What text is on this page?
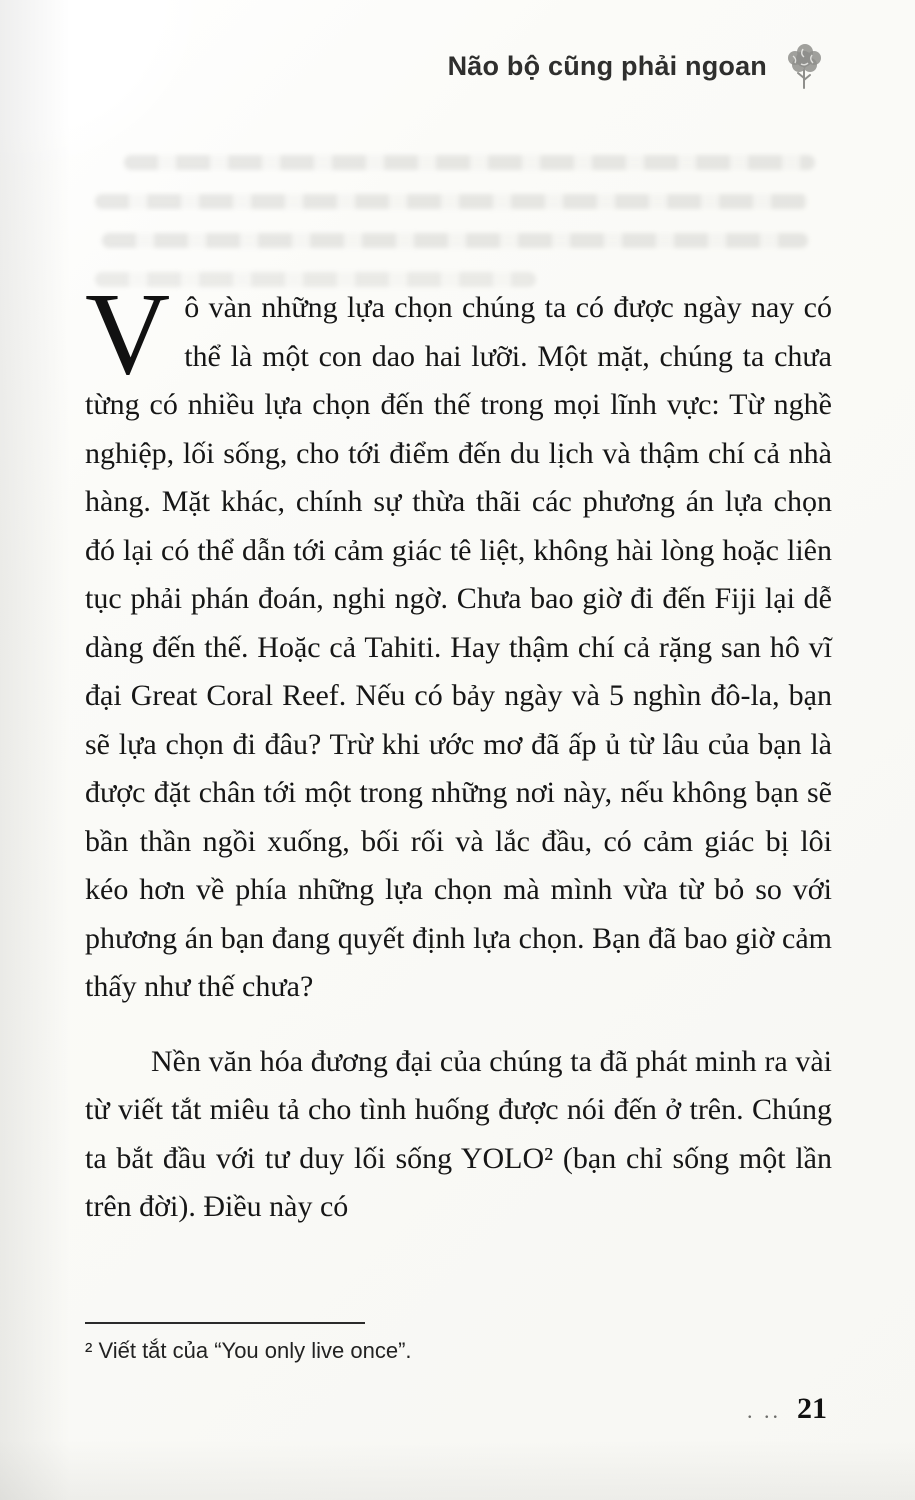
Não bộ cũng phải ngoan

Vô vàn những lựa chọn chúng ta có được ngày nay có thể là một con dao hai lưỡi. Một mặt, chúng ta chưa từng có nhiều lựa chọn đến thế trong mọi lĩnh vực: Từ nghề nghiệp, lối sống, cho tới điểm đến du lịch và thậm chí cả nhà hàng. Mặt khác, chính sự thừa thãi các phương án lựa chọn đó lại có thể dẫn tới cảm giác tê liệt, không hài lòng hoặc liên tục phải phán đoán, nghi ngờ. Chưa bao giờ đi đến Fiji lại dễ dàng đến thế. Hoặc cả Tahiti. Hay thậm chí cả rặng san hô vĩ đại Great Coral Reef. Nếu có bảy ngày và 5 nghìn đô-la, bạn sẽ lựa chọn đi đâu? Trừ khi ước mơ đã ấp ủ từ lâu của bạn là được đặt chân tới một trong những nơi này, nếu không bạn sẽ bần thần ngồi xuống, bối rối và lắc đầu, có cảm giác bị lôi kéo hơn về phía những lựa chọn mà mình vừa từ bỏ so với phương án bạn đang quyết định lựa chọn. Bạn đã bao giờ cảm thấy như thế chưa?

Nền văn hóa đương đại của chúng ta đã phát minh ra vài từ viết tắt miêu tả cho tình huống được nói đến ở trên. Chúng ta bắt đầu với tư duy lối sống YOLO² (bạn chỉ sống một lần trên đời). Điều này có

² Viết tắt của “You only live once”.

. .. 21
